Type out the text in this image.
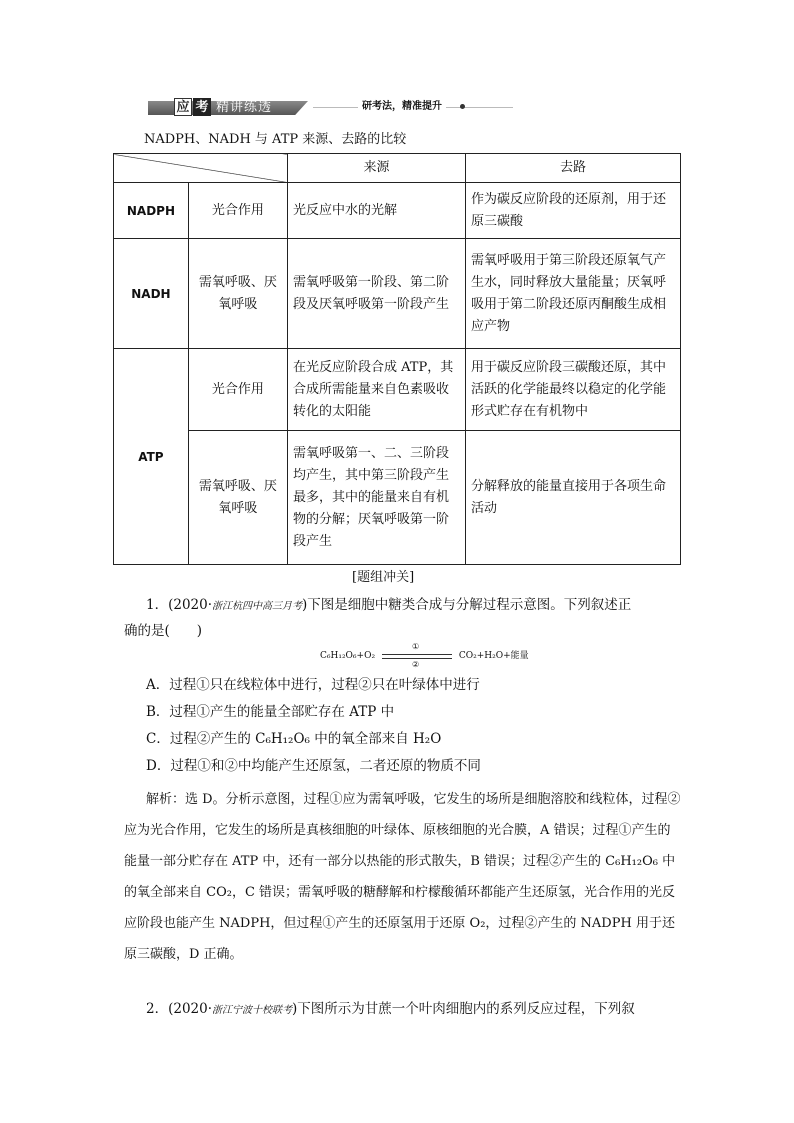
应 考 精讲练透	研考法，精准提升
NADPH、NADH 与 ATP 来源、去路的比较
		来源	去路
NADPH	光合作用	光反应中水的光解	作为碳反应阶段的还原剂，用于还原三碳酸
NADH	需氧呼吸、厌氧呼吸	需氧呼吸第一阶段、第二阶段及厌氧呼吸第一阶段产生	需氧呼吸用于第三阶段还原氧气产生水，同时释放大量能量；厌氧呼吸用于第二阶段还原丙酮酸生成相应产物
ATP	光合作用	在光反应阶段合成 ATP，其合成所需能量来自色素吸收转化的太阳能	用于碳反应阶段三碳酸还原，其中活跃的化学能最终以稳定的化学能形式贮存在有机物中
	需氧呼吸、厌氧呼吸	需氧呼吸第一、二、三阶段均产生，其中第三阶段产生最多，其中的能量来自有机物的分解；厌氧呼吸第一阶段产生	分解释放的能量直接用于各项生命活动
[题组冲关]
1．(2020·浙江杭四中高三月考)下图是细胞中糖类合成与分解过程示意图。下列叙述正
确的是(　　)
C₆H₁₂O₆+O₂
①
②
CO₂+H₂O+能量
A．过程①只在线粒体中进行，过程②只在叶绿体中进行
B．过程①产生的能量全部贮存在 ATP 中
C．过程②产生的 C₆H₁₂O₆ 中的氧全部来自 H₂O
D．过程①和②中均能产生还原氢，二者还原的物质不同
解析：选 D。分析示意图，过程①应为需氧呼吸，它发生的场所是细胞溶胶和线粒体，过程②应为光合作用，它发生的场所是真核细胞的叶绿体、原核细胞的光合膜，A 错误；过程①产生的能量一部分贮存在 ATP 中，还有一部分以热能的形式散失，B 错误；过程②产生的 C₆H₁₂O₆ 中的氧全部来自 CO₂，C 错误；需氧呼吸的糖酵解和柠檬酸循环都能产生还原氢，光合作用的光反应阶段也能产生 NADPH，但过程①产生的还原氢用于还原 O₂，过程②产生的 NADPH 用于还原三碳酸，D 正确。
2．(2020·浙江宁波十校联考)下图所示为甘蔗一个叶肉细胞内的系列反应过程，下列叙
